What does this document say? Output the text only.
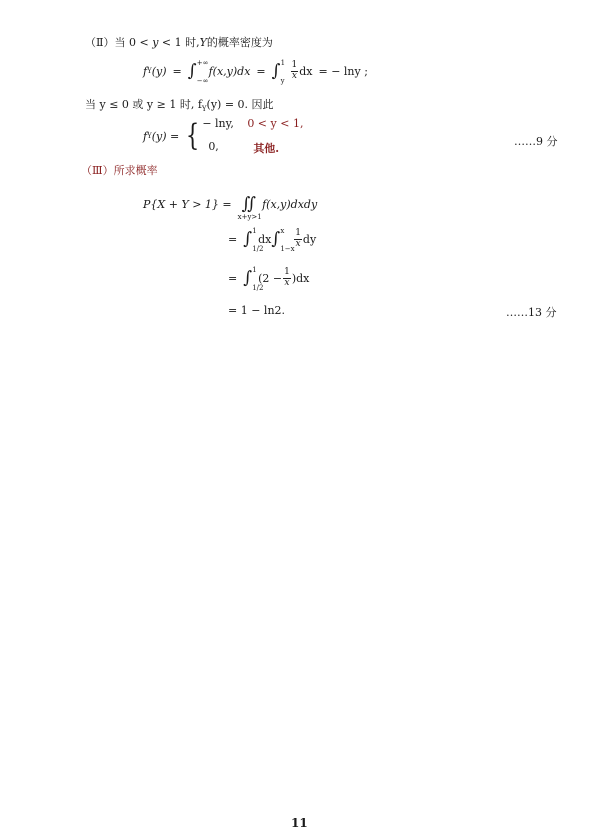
（Ⅱ）当 0 < y < 1 时,Y的概率密度为
f Y (y) = ∫ +∞
−∞
f(x,y)dx = ∫ 1
y $\frac{1}{x}$ dx = − lny ;
当 y ≤ 0 或 y ≥ 1 时, $f_Y(y) = 0$. 因此
f Y (y) = { − lny,	0 < y < 1,
0,	其他.	……9 分
（Ⅲ）所求概率
P{X + Y > 1} = ∬
x+y>1
f(x,y)dxdy
= ∫ 1
1/2
dx ∫ x
$1-x \frac{1}{x}$ dy
= ∫ 1
1/2
$(2 - \frac{1}{x} )dx$
= 1 − ln2.	……13 分
11
